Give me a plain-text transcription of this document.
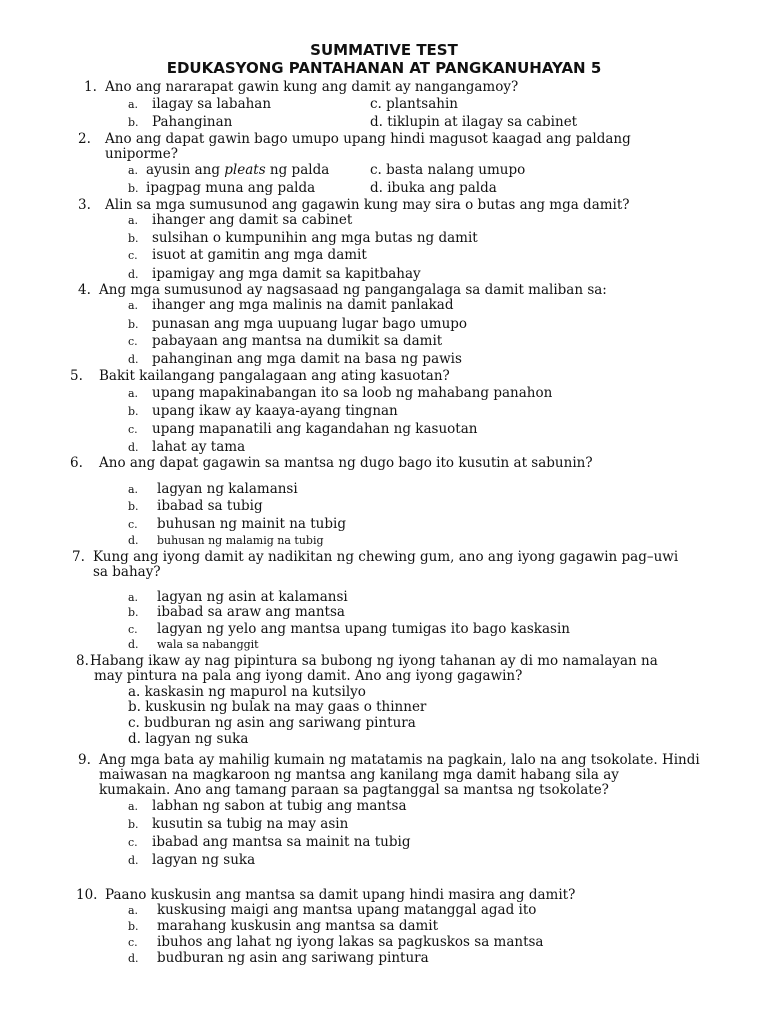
SUMMATIVE TEST
EDUKASYONG PANTAHANAN AT PANGKANUHAYAN 5
1. Ano ang nararapat gawin kung ang damit ay nangangamoy?
a. ilagay sa labahan	c. plantsahin
b. Pahanginan	d. tiklupin at ilagay sa cabinet
2. Ano ang dapat gawin bago umupo upang hindi magusot kaagad ang paldang
uniporme?
a. ayusin ang pleats ng palda	c. basta nalang umupo
b. ipagpag muna ang palda	d. ibuka ang palda
3. Alin sa mga sumusunod ang gagawin kung may sira o butas ang mga damit?
a. ihanger ang damit sa cabinet
b. sulsihan o kumpunihin ang mga butas ng damit
c. isuot at gamitin ang mga damit
d. ipamigay ang mga damit sa kapitbahay
4. Ang mga sumusunod ay nagsasaad ng pangangalaga sa damit maliban sa:
a. ihanger ang mga malinis na damit panlakad
b. punasan ang mga uupuang lugar bago umupo
c. pabayaan ang mantsa na dumikit sa damit
d. pahanginan ang mga damit na basa ng pawis
5. Bakit kailangang pangalagaan ang ating kasuotan?
a. upang mapakinabangan ito sa loob ng mahabang panahon
b. upang ikaw ay kaaya-ayang tingnan
c. upang mapanatili ang kagandahan ng kasuotan
d. lahat ay tama
6. Ano ang dapat gagawin sa mantsa ng dugo bago ito kusutin at sabunin?
a. lagyan ng kalamansi
b. ibabad sa tubig
c. buhusan ng mainit na tubig
d. buhusan ng malamig na tubig
7. Kung ang iyong damit ay nadikitan ng chewing gum, ano ang iyong gagawin pag–uwi
sa bahay?
a. lagyan ng asin at kalamansi
b. ibabad sa araw ang mantsa
c. lagyan ng yelo ang mantsa upang tumigas ito bago kaskasin
d. wala sa nabanggit
8. Habang ikaw ay nag pipintura sa bubong ng iyong tahanan ay di mo namalayan na
may pintura na pala ang iyong damit. Ano ang iyong gagawin?
a. kaskasin ng mapurol na kutsilyo
b. kuskusin ng bulak na may gaas o thinner
c. budburan ng asin ang sariwang pintura
d. lagyan ng suka
9. Ang mga bata ay mahilig kumain ng matatamis na pagkain, lalo na ang tsokolate. Hindi
maiwasan na magkaroon ng mantsa ang kanilang mga damit habang sila ay
kumakain. Ano ang tamang paraan sa pagtanggal sa mantsa ng tsokolate?
a. labhan ng sabon at tubig ang mantsa
b. kusutin sa tubig na may asin
c. ibabad ang mantsa sa mainit na tubig
d. lagyan ng suka
10. Paano kuskusin ang mantsa sa damit upang hindi masira ang damit?
a. kuskusing maigi ang mantsa upang matanggal agad ito
b. marahang kuskusin ang mantsa sa damit
c. ibuhos ang lahat ng iyong lakas sa pagkuskos sa mantsa
d. budburan ng asin ang sariwang pintura
